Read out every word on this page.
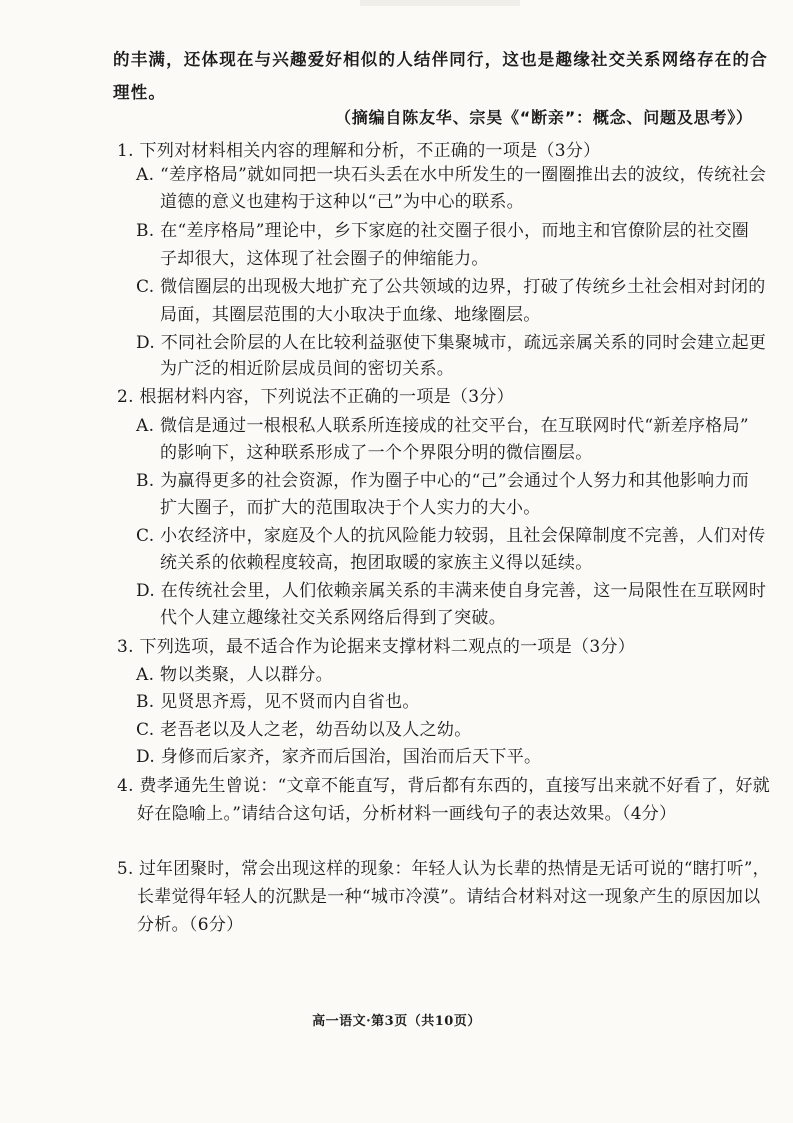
的丰满，还体现在与兴趣爱好相似的人结伴同行，这也是趣缘社交关系网络存在的合
理性。
（摘编自陈友华、宗昊《“断亲”：概念、问题及思考》）
1. 下列对材料相关内容的理解和分析，不正确的一项是（3分）
A. “差序格局”就如同把一块石头丢在水中所发生的一圈圈推出去的波纹，传统社会
道德的意义也建构于这种以“己”为中心的联系。
B. 在“差序格局”理论中，乡下家庭的社交圈子很小，而地主和官僚阶层的社交圈
子却很大，这体现了社会圈子的伸缩能力。
C. 微信圈层的出现极大地扩充了公共领域的边界，打破了传统乡土社会相对封闭的
局面，其圈层范围的大小取决于血缘、地缘圈层。
D. 不同社会阶层的人在比较利益驱使下集聚城市，疏远亲属关系的同时会建立起更
为广泛的相近阶层成员间的密切关系。
2. 根据材料内容，下列说法不正确的一项是（3分）
A. 微信是通过一根根私人联系所连接成的社交平台，在互联网时代“新差序格局”
的影响下，这种联系形成了一个个界限分明的微信圈层。
B. 为赢得更多的社会资源，作为圈子中心的“己”会通过个人努力和其他影响力而
扩大圈子，而扩大的范围取决于个人实力的大小。
C. 小农经济中，家庭及个人的抗风险能力较弱，且社会保障制度不完善，人们对传
统关系的依赖程度较高，抱团取暖的家族主义得以延续。
D. 在传统社会里，人们依赖亲属关系的丰满来使自身完善，这一局限性在互联网时
代个人建立趣缘社交关系网络后得到了突破。
3. 下列选项，最不适合作为论据来支撑材料二观点的一项是（3分）
A. 物以类聚，人以群分。
B. 见贤思齐焉，见不贤而内自省也。
C. 老吾老以及人之老，幼吾幼以及人之幼。
D. 身修而后家齐，家齐而后国治，国治而后天下平。
4. 费孝通先生曾说：“文章不能直写，背后都有东西的，直接写出来就不好看了，好就
好在隐喻上。”请结合这句话，分析材料一画线句子的表达效果。（4分）
5. 过年团聚时，常会出现这样的现象：年轻人认为长辈的热情是无话可说的“瞎打听”，
长辈觉得年轻人的沉默是一种“城市冷漠”。请结合材料对这一现象产生的原因加以
分析。（6分）
高一语文·第3页（共10页）
